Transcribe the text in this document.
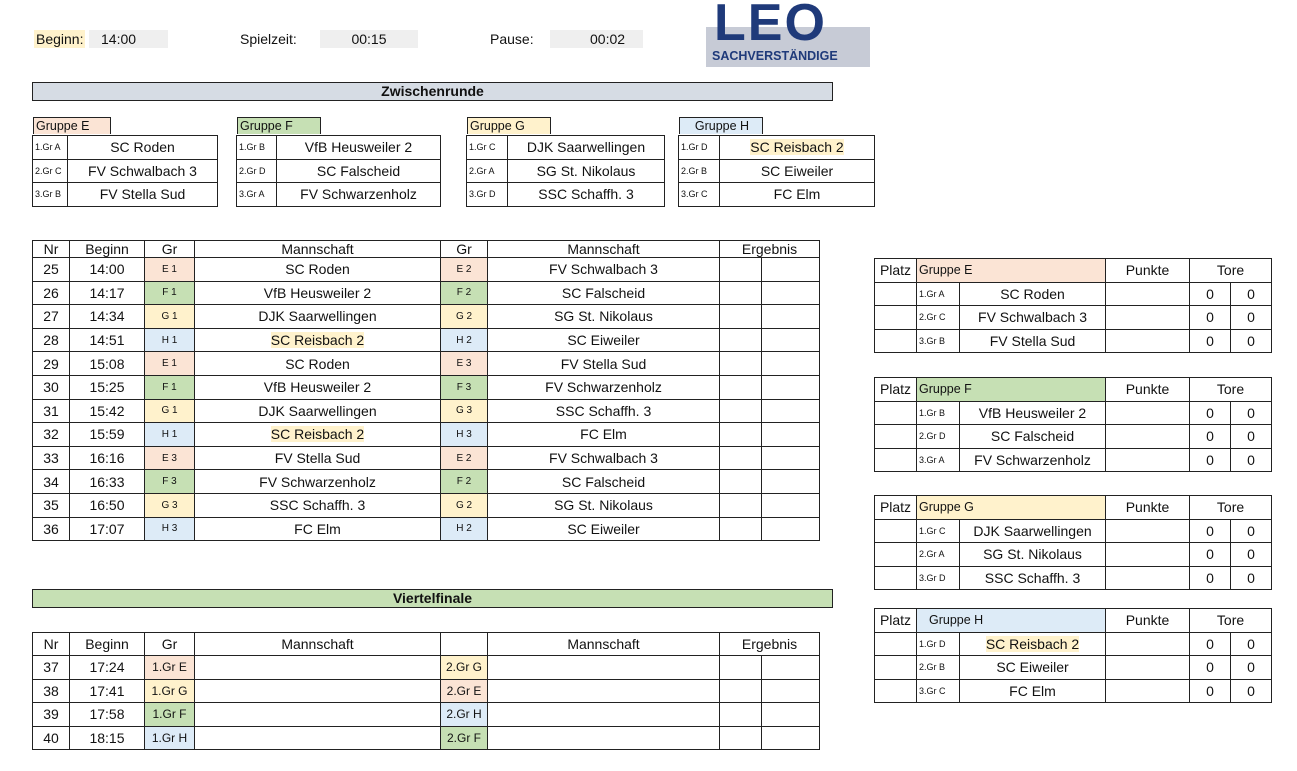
Beginn:	14:00	Spielzeit:	00:15	Pause:	00:02	LEO
SACHVERSTÄNDIGE
Zwischenrunde
Gruppe E
1.Gr A	SC Roden
2.Gr C	FV Schwalbach 3
3.Gr B	FV Stella Sud
Gruppe F
1.Gr B	VfB Heusweiler 2
2.Gr D	SC Falscheid
3.Gr A	FV Schwarzenholz
Gruppe G
1.Gr C	DJK Saarwellingen
2.Gr A	SG St. Nikolaus
3.Gr D	SSC Schaffh. 3
Gruppe H
1.Gr D	SC Reisbach 2
2.Gr B	SC Eiweiler
3.Gr C	FC Elm
Nr	Beginn	Gr	Mannschaft	Gr	Mannschaft	Ergebnis	
25	14:00	E 1	SC Roden	E 2	FV Schwalbach 3		
26	14:17	F 1	VfB Heusweiler 2	F 2	SC Falscheid		
27	14:34	G 1	DJK Saarwellingen	G 2	SG St. Nikolaus		
28	14:51	H 1	SC Reisbach 2	H 2	SC Eiweiler		
29	15:08	E 1	SC Roden	E 3	FV Stella Sud		
30	15:25	F 1	VfB Heusweiler 2	F 3	FV Schwarzenholz		
31	15:42	G 1	DJK Saarwellingen	G 3	SSC Schaffh. 3		
32	15:59	H 1	SC Reisbach 2	H 3	FC Elm		
33	16:16	E 3	FV Stella Sud	E 2	FV Schwalbach 3		
34	16:33	F 3	FV Schwarzenholz	F 2	SC Falscheid		
35	16:50	G 3	SSC Schaffh. 3	G 2	SG St. Nikolaus		
36	17:07	H 3	FC Elm	H 2	SC Eiweiler		
Viertelfinale
Nr	Beginn	Gr	Mannschaft		Mannschaft	Ergebnis	
37	17:24	1.Gr E		2.Gr G			
38	17:41	1.Gr G		2.Gr E			
39	17:58	1.Gr F		2.Gr H			
40	18:15	1.Gr H		2.Gr F			
Platz	Gruppe E		Punkte	Tore	
	1.Gr A	SC Roden		0	0
	2.Gr C	FV Schwalbach 3		0	0
	3.Gr B	FV Stella Sud		0	0
Platz	Gruppe F		Punkte	Tore	
	1.Gr B	VfB Heusweiler 2		0	0
	2.Gr D	SC Falscheid		0	0
	3.Gr A	FV Schwarzenholz		0	0
Platz	Gruppe G		Punkte	Tore	
	1.Gr C	DJK Saarwellingen		0	0
	2.Gr A	SG St. Nikolaus		0	0
	3.Gr D	SSC Schaffh. 3		0	0
Platz	Gruppe H		Punkte	Tore	
	1.Gr D	SC Reisbach 2		0	0
	2.Gr B	SC Eiweiler		0	0
	3.Gr C	FC Elm		0	0
